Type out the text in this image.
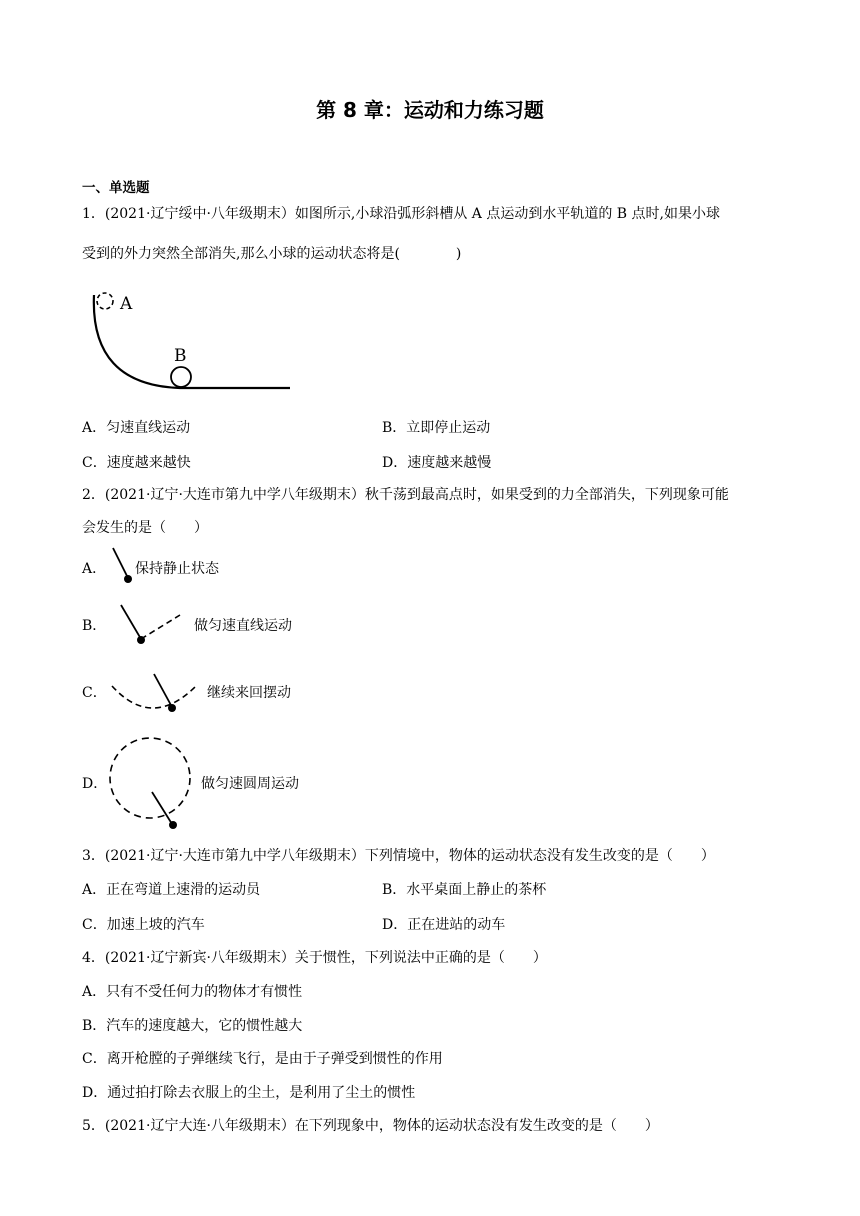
第 8 章：运动和力练习题
一、单选题
1．(2021·辽宁绥中·八年级期末）如图所示,小球沿弧形斜槽从 A 点运动到水平轨道的 B 点时,如果小球
受到的外力突然全部消失,那么小球的运动状态将是(　　　　)
A
B
A．匀速直线运动	B．立即停止运动
C．速度越来越快	D．速度越来越慢
2．(2021·辽宁·大连市第九中学八年级期末）秋千荡到最高点时，如果受到的力全部消失，下列现象可能
会发生的是（　　）
A． 保持静止状态
B．	做匀速直线运动
C．	继续来回摆动
D．	做匀速圆周运动
3．(2021·辽宁·大连市第九中学八年级期末）下列情境中，物体的运动状态没有发生改变的是（　　）
A．正在弯道上速滑的运动员	B．水平桌面上静止的茶杯
C．加速上坡的汽车	D．正在进站的动车
4．(2021·辽宁新宾·八年级期末）关于惯性，下列说法中正确的是（　　）
A．只有不受任何力的物体才有惯性
B．汽车的速度越大，它的惯性越大
C．离开枪膛的子弹继续飞行，是由于子弹受到惯性的作用
D．通过拍打除去衣服上的尘土，是利用了尘土的惯性
5．(2021·辽宁大连·八年级期末）在下列现象中，物体的运动状态没有发生改变的是（　　）
